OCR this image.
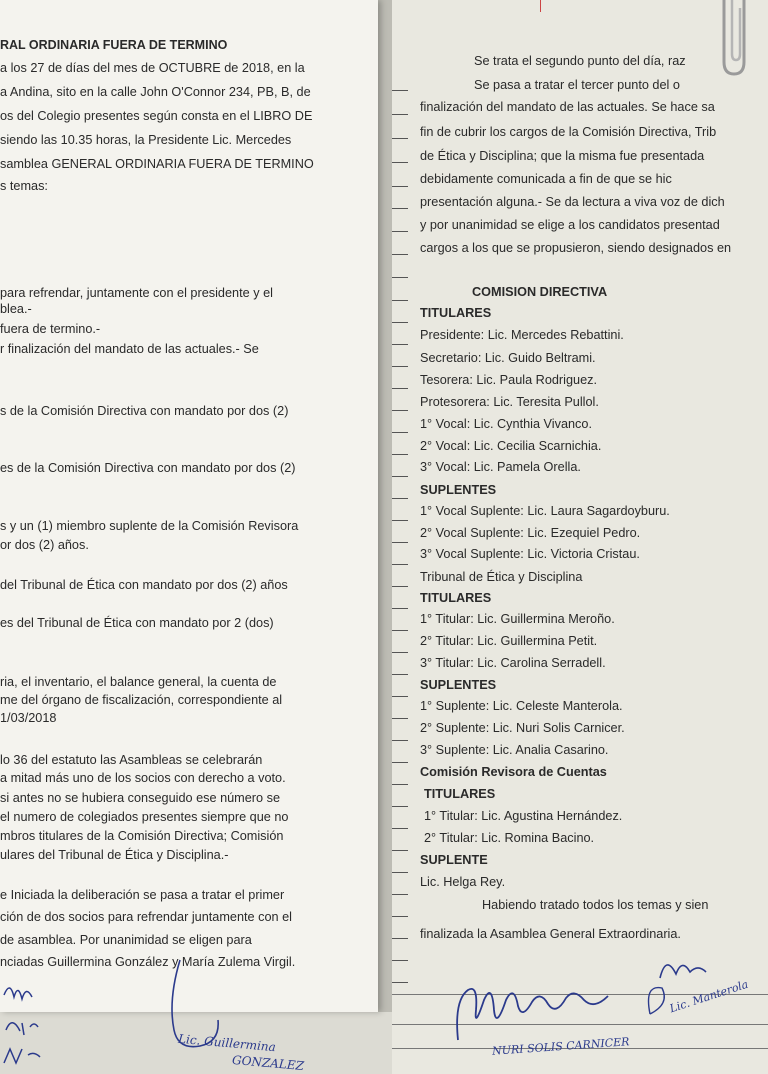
RAL ORDINARIA FUERA DE TERMINO
a los 27 de días del mes de OCTUBRE de 2018, en la
a Andina, sito en la calle John O'Connor 234, PB, B, de
os del Colegio presentes según consta en el LIBRO DE
siendo las 10.35 horas, la Presidente Lic. Mercedes
samblea GENERAL ORDINARIA FUERA DE TERMINO
s temas:
para refrendar, juntamente con el presidente y el
blea.-
fuera de termino.-
r finalización del mandato de las actuales.- Se
s de la Comisión Directiva con mandato por dos (2)
es de la Comisión Directiva con mandato por dos (2)
s y un (1) miembro suplente de la Comisión Revisora
or dos (2) años.
del Tribunal de Ética con mandato por dos (2) años
es del Tribunal de Ética con mandato por 2 (dos)
ria, el inventario, el balance general, la cuenta de
me del órgano de fiscalización, correspondiente al
1/03/2018
lo 36 del estatuto las Asambleas se celebrarán
a mitad más uno de los socios con derecho a voto.
si antes no se hubiera conseguido ese número se
el numero de colegiados presentes siempre que no
mbros titulares de la Comisión Directiva; Comisión
ulares del Tribunal de Ética y Disciplina.-
e Iniciada la deliberación se pasa a tratar el primer
ción de dos socios para refrendar juntamente con el
de asamblea. Por unanimidad se eligen para
nciadas Guillermina González y María Zulema Virgil.
Se trata el segundo punto del día, raz
Se pasa a tratar el tercer punto del o
finalización del mandato de las actuales. Se hace sa
fin de cubrir los cargos de la Comisión Directiva, Trib
de Ética y Disciplina; que la misma fue presentada
debidamente comunicada a fin de que se hic
presentación alguna.- Se da lectura a viva voz de dich
y por unanimidad se elige a los candidatos presentad
cargos a los que se propusieron, siendo designados en
COMISION DIRECTIVA
TITULARES
Presidente: Lic. Mercedes Rebattini.
Secretario: Lic. Guido Beltrami.
Tesorera: Lic. Paula Rodriguez.
Protesorera: Lic. Teresita Pullol.
1° Vocal: Lic. Cynthia Vivanco.
2° Vocal: Lic. Cecilia Scarnichia.
3° Vocal: Lic. Pamela Orella.
SUPLENTES
1° Vocal Suplente: Lic. Laura Sagardoyburu.
2° Vocal Suplente: Lic. Ezequiel Pedro.
3° Vocal Suplente: Lic. Victoria Cristau.
Tribunal de Ética y Disciplina
TITULARES
1° Titular: Lic. Guillermina Meroño.
2° Titular: Lic. Guillermina Petit.
3° Titular: Lic. Carolina Serradell.
SUPLENTES
1° Suplente: Lic. Celeste Manterola.
2° Suplente: Lic. Nuri Solis Carnicer.
3° Suplente: Lic. Analia Casarino.
Comisión Revisora de Cuentas
TITULARES
1° Titular: Lic. Agustina Hernández.
2° Titular: Lic. Romina Bacino.
SUPLENTE
Lic. Helga Rey.
Habiendo tratado todos los temas y sien
finalizada la Asamblea General Extraordinaria.
Lic. Guillermina
GONZALEZ
NURI SOLIS CARNICER
Lic. Manterola
